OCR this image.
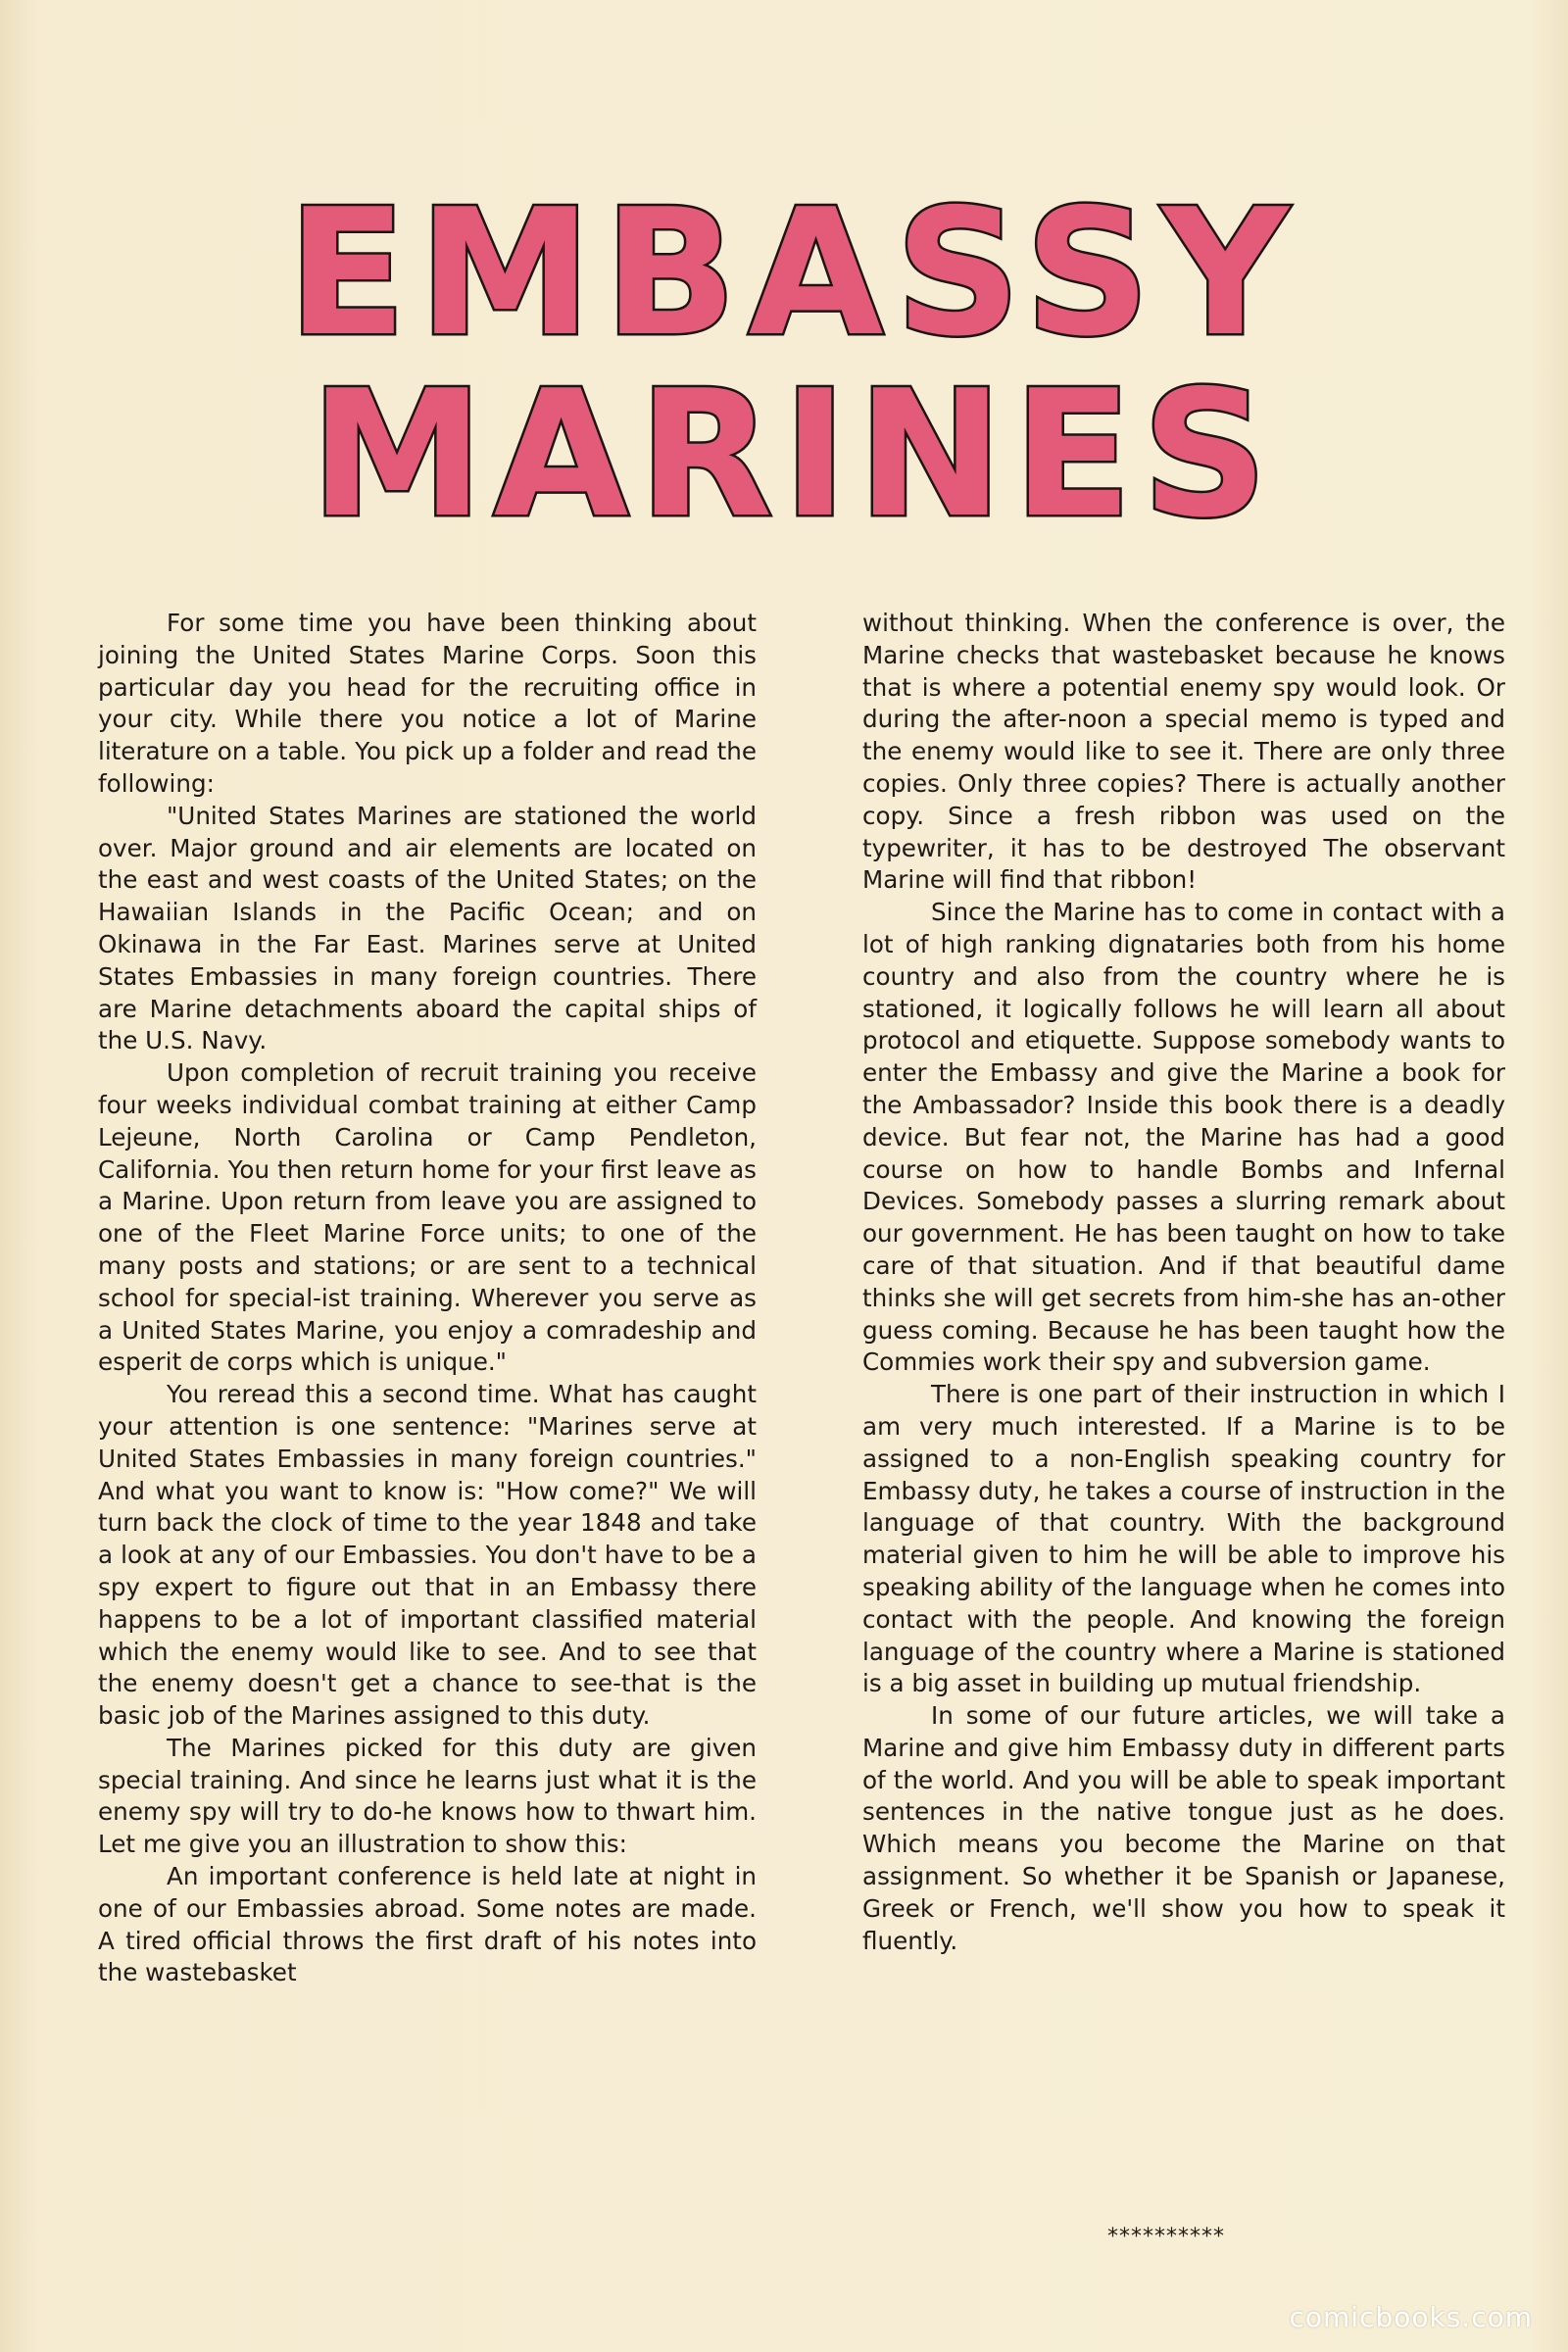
EMBASSY
MARINES

For some time you have been thinking about joining the United States Marine Corps. Soon this particular day you head for the recruiting office in your city. While there you notice a lot of Marine literature on a table. You pick up a folder and read the following:

"United States Marines are stationed the world over. Major ground and air elements are located on the east and west coasts of the United States; on the Hawaiian Islands in the Pacific Ocean; and on Okinawa in the Far East. Marines serve at United States Embassies in many foreign countries. There are Marine detachments aboard the capital ships of the U.S. Navy.

Upon completion of recruit training you receive four weeks individual combat training at either Camp Lejeune, North Carolina or Camp Pendleton, California. You then return home for your first leave as a Marine. Upon return from leave you are assigned to one of the Fleet Marine Force units; to one of the many posts and stations; or are sent to a technical school for special-ist training. Wherever you serve as a United States Marine, you enjoy a comradeship and esperit de corps which is unique."

You reread this a second time. What has caught your attention is one sentence: "Marines serve at United States Embassies in many foreign countries." And what you want to know is: "How come?" We will turn back the clock of time to the year 1848 and take a look at any of our Embassies. You don't have to be a spy expert to figure out that in an Embassy there happens to be a lot of important classified material which the enemy would like to see. And to see that the enemy doesn't get a chance to see-that is the basic job of the Marines assigned to this duty.

The Marines picked for this duty are given special training. And since he learns just what it is the enemy spy will try to do-he knows how to thwart him. Let me give you an illustration to show this:

An important conference is held late at night in one of our Embassies abroad. Some notes are made. A tired official throws the first draft of his notes into the wastebasket

without thinking. When the conference is over, the Marine checks that wastebasket because he knows that is where a potential enemy spy would look. Or during the after-noon a special memo is typed and the enemy would like to see it. There are only three copies. Only three copies? There is actually another copy. Since a fresh ribbon was used on the typewriter, it has to be destroyed The observant Marine will find that ribbon!

Since the Marine has to come in contact with a lot of high ranking dignataries both from his home country and also from the country where he is stationed, it logically follows he will learn all about protocol and etiquette. Suppose somebody wants to enter the Embassy and give the Marine a book for the Ambassador? Inside this book there is a deadly device. But fear not, the Marine has had a good course on how to handle Bombs and Infernal Devices. Somebody passes a slurring remark about our government. He has been taught on how to take care of that situation. And if that beautiful dame thinks she will get secrets from him-she has an-other guess coming. Because he has been taught how the Commies work their spy and subversion game.

There is one part of their instruction in which I am very much interested. If a Marine is to be assigned to a non-English speaking country for Embassy duty, he takes a course of instruction in the language of that country. With the background material given to him he will be able to improve his speaking ability of the language when he comes into contact with the people. And knowing the foreign language of the country where a Marine is stationed is a big asset in building up mutual friendship.

In some of our future articles, we will take a Marine and give him Embassy duty in different parts of the world. And you will be able to speak important sentences in the native tongue just as he does. Which means you become the Marine on that assignment. So whether it be Spanish or Japanese, Greek or French, we'll show you how to speak it fluently.

**********
comicbooks.com
